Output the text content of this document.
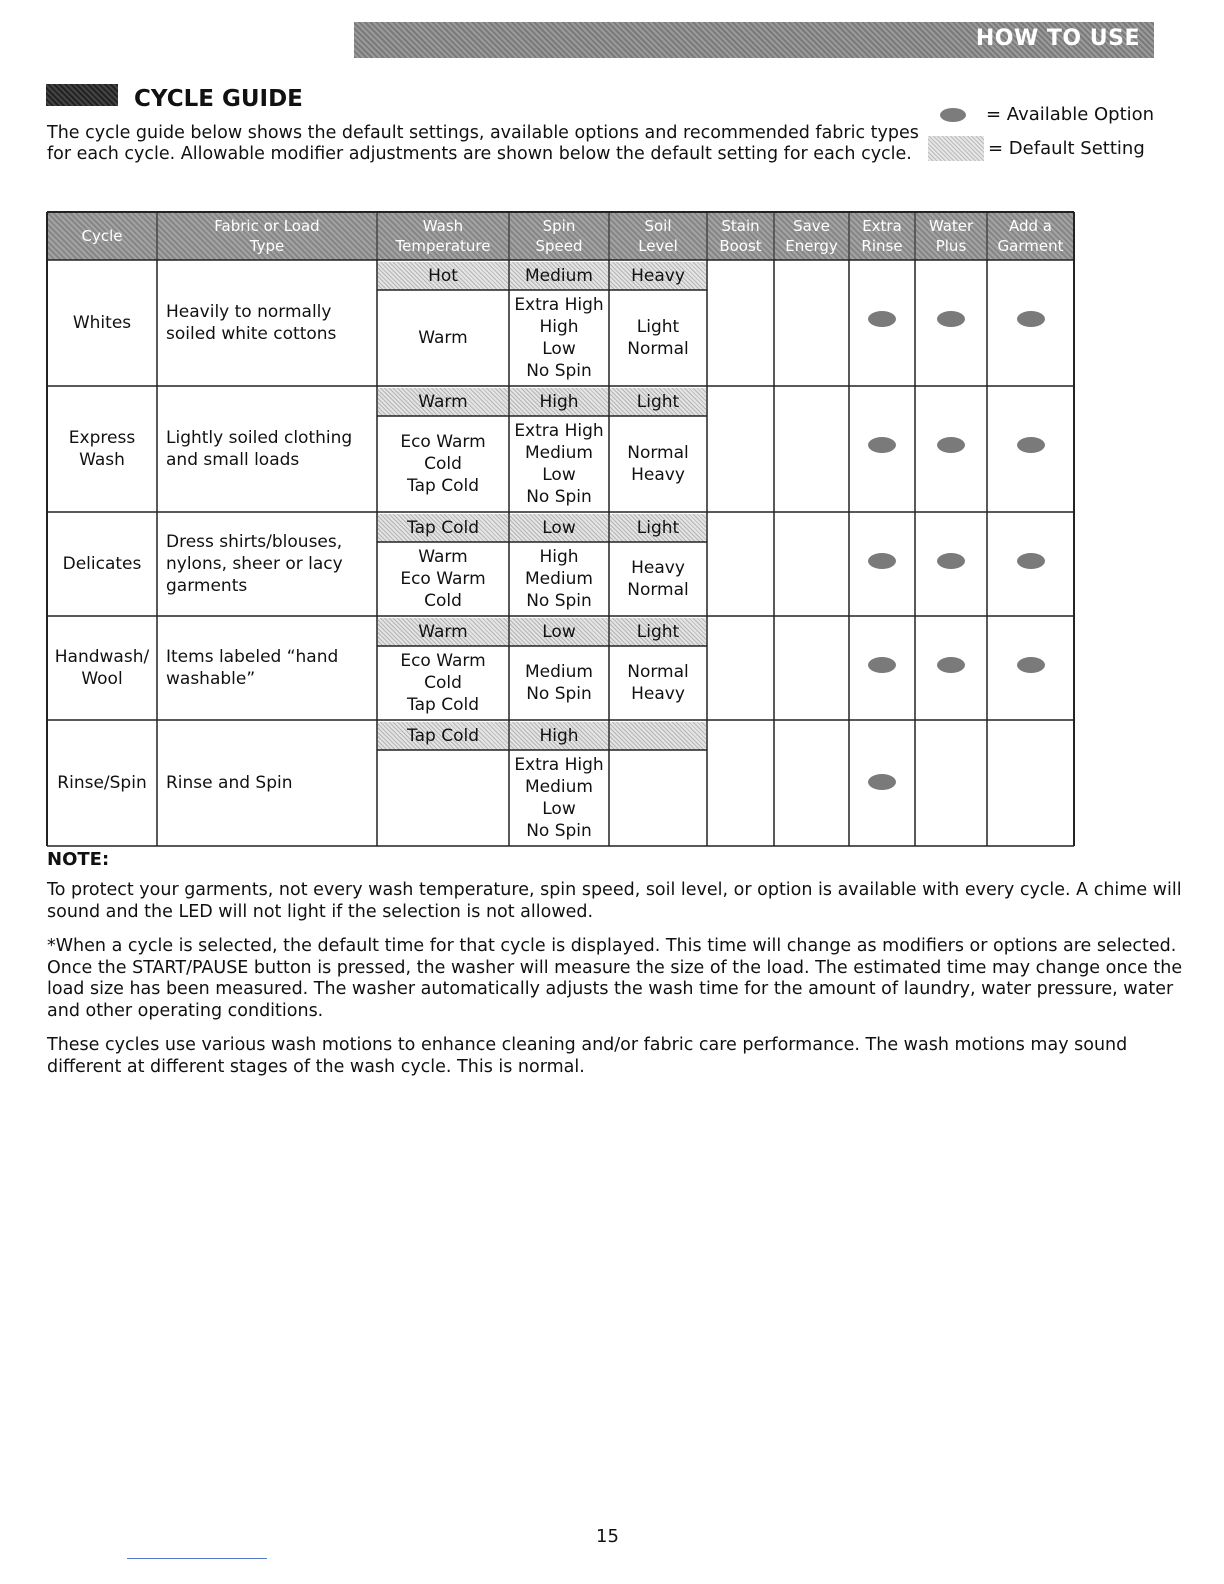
HOW TO USE
CYCLE GUIDE

The cycle guide below shows the default settings, available options and recommended fabric types for each cycle. Allowable modifier adjustments are shown below the default setting for each cycle.

= Available Option
= Default Setting
Cycle
Fabric or Load
Type
Wash
Temperature
Spin
Speed
Soil
Level
Stain
Boost
Save
Energy
Extra
Rinse
Water
Plus
Add a
Garment
Whites
Heavily to normally soiled white cottons
Hot
Warm
Medium
Extra High
High
Low
No Spin
Heavy
Light
Normal
Express
Wash
Lightly soiled clothing and small loads
Warm
Eco Warm
Cold
Tap Cold
High
Extra High
Medium
Low
No Spin
Light
Normal
Heavy
Delicates
Dress shirts/blouses, nylons, sheer or lacy garments
Tap Cold
Warm
Eco Warm
Cold
Low
High
Medium
No Spin
Light
Heavy
Normal
Handwash/
Wool
Items labeled “hand washable”
Warm
Eco Warm
Cold
Tap Cold
Low
Medium
No Spin
Light
Normal
Heavy
Rinse/Spin Rinse and Spin
Tap Cold	High
Extra High
Medium
Low
No Spin
NOTE:

To protect your garments, not every wash temperature, spin speed, soil level, or option is available with every cycle. A chime will sound and the LED will not light if the selection is not allowed.

*When a cycle is selected, the default time for that cycle is displayed. This time will change as modifiers or options are selected. Once the START/PAUSE button is pressed, the washer will measure the size of the load. The estimated time may change once the load size has been measured. The washer automatically adjusts the wash time for the amount of laundry, water pressure, water and other operating conditions.

These cycles use various wash motions to enhance cleaning and/or fabric care performance. The wash motions may sound different at different stages of the wash cycle. This is normal.

15
